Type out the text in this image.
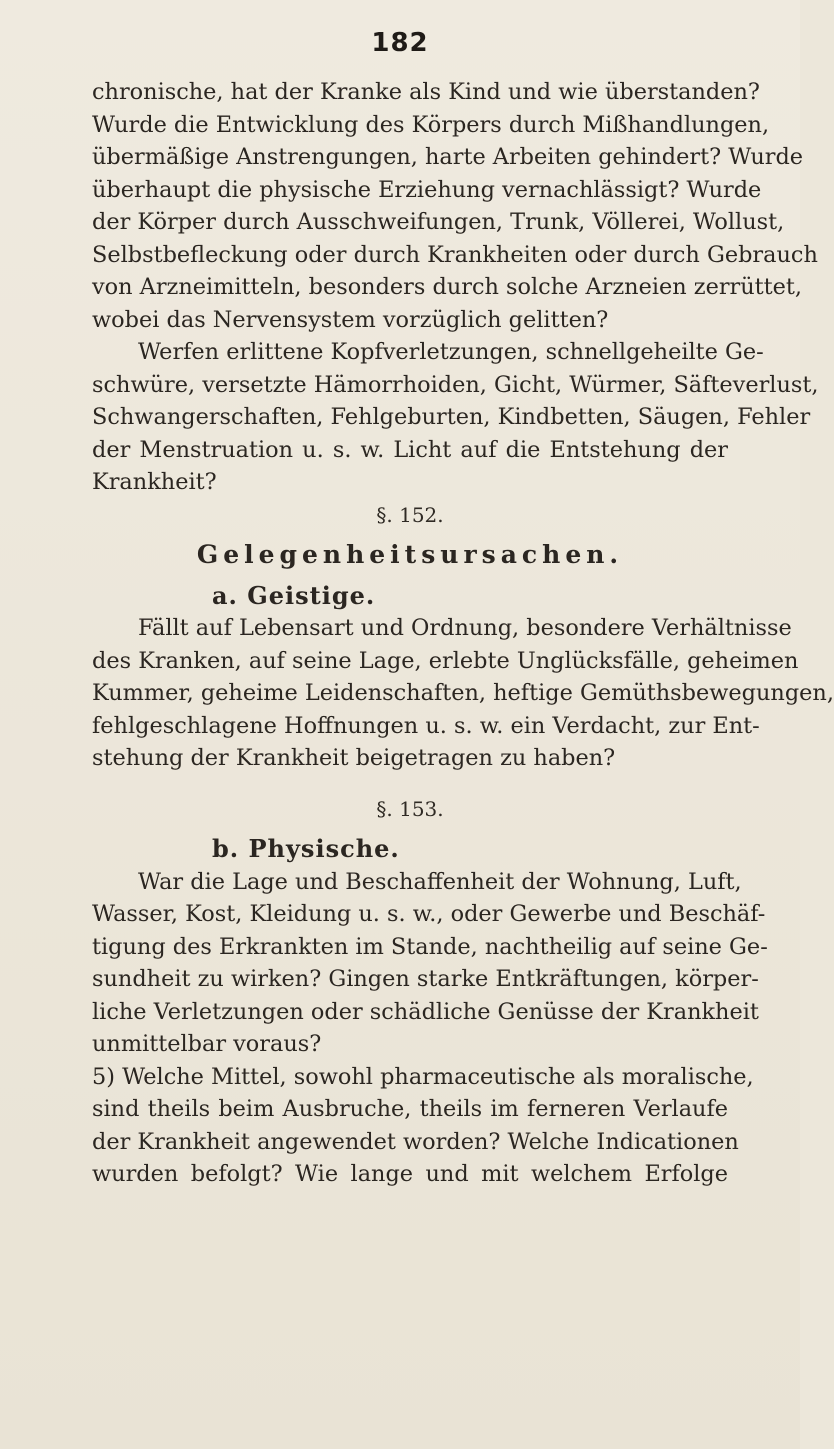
182
chronische, hat der Kranke als Kind und wie überstanden?
Wurde die Entwicklung des Körpers durch Mißhandlungen,
übermäßige Anstrengungen, harte Arbeiten gehindert? Wurde
überhaupt die physische Erziehung vernachlässigt? Wurde
der Körper durch Ausschweifungen, Trunk, Völlerei, Wollust,
Selbstbefleckung oder durch Krankheiten oder durch Gebrauch
von Arzneimitteln, besonders durch solche Arzneien zerrüttet,
wobei das Nervensystem vorzüglich gelitten?
Werfen erlittene Kopfverletzungen, schnellgeheilte Ge-
schwüre, versetzte Hämorrhoiden, Gicht, Würmer, Säfteverlust,
Schwangerschaften, Fehlgeburten, Kindbetten, Säugen, Fehler
der Menstruation u. s. w. Licht auf die Entstehung der
Krankheit?
§. 152.
Gelegenheitsursachen.
a. Geistige.
Fällt auf Lebensart und Ordnung, besondere Verhältnisse
des Kranken, auf seine Lage, erlebte Unglücksfälle, geheimen
Kummer, geheime Leidenschaften, heftige Gemüthsbewegungen,
fehlgeschlagene Hoffnungen u. s. w. ein Verdacht, zur Ent-
stehung der Krankheit beigetragen zu haben?
§. 153.
b. Physische.
War die Lage und Beschaffenheit der Wohnung, Luft,
Wasser, Kost, Kleidung u. s. w., oder Gewerbe und Beschäf-
tigung des Erkrankten im Stande, nachtheilig auf seine Ge-
sundheit zu wirken? Gingen starke Entkräftungen, körper-
liche Verletzungen oder schädliche Genüsse der Krankheit
unmittelbar voraus?
5) Welche Mittel, sowohl pharmaceutische als moralische,
sind theils beim Ausbruche, theils im ferneren Verlaufe
der Krankheit angewendet worden? Welche Indicationen
wurden befolgt? Wie lange und mit welchem Erfolge
